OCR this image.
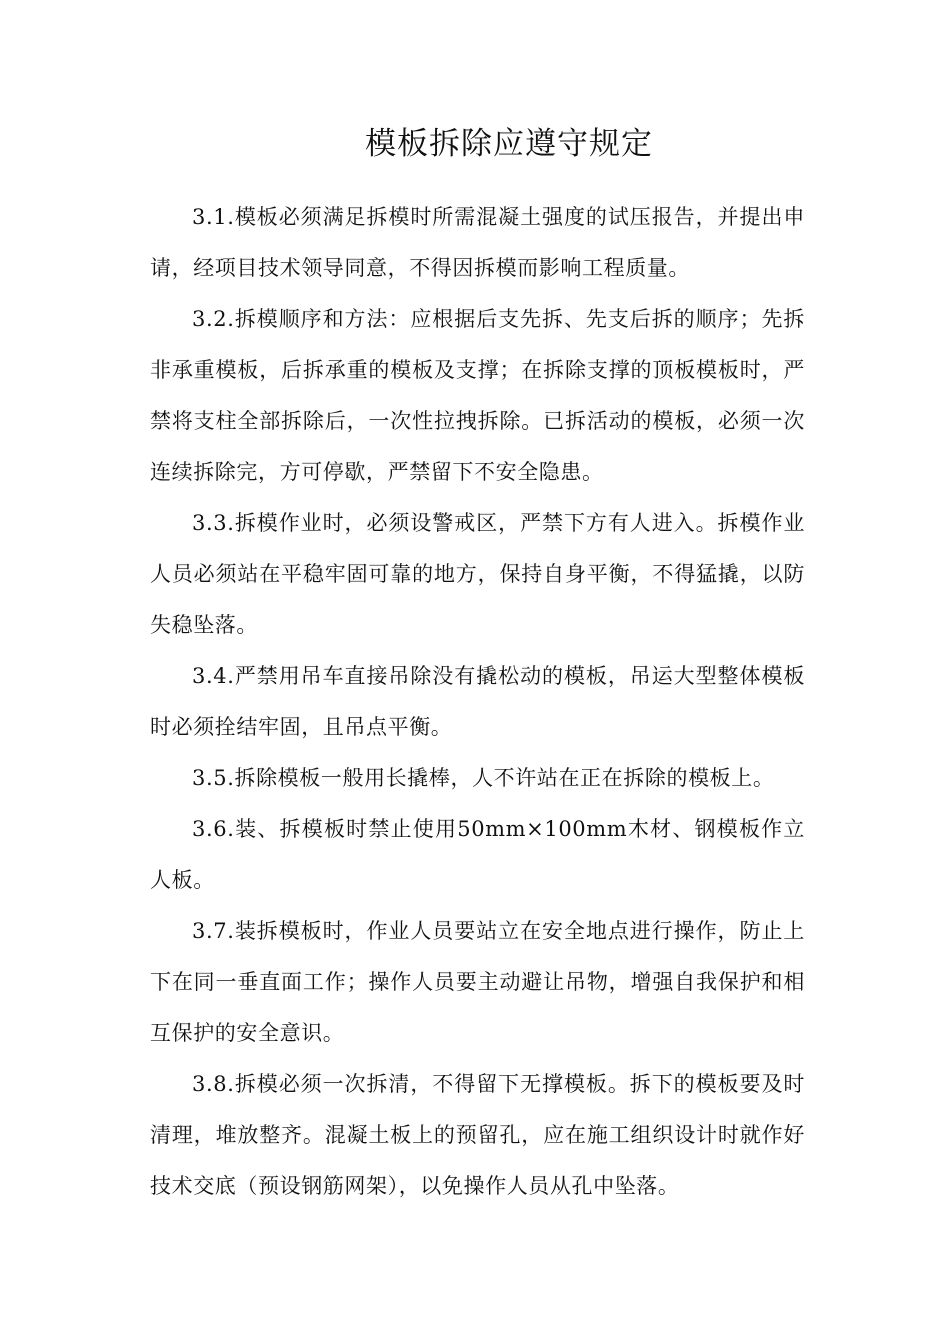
模板拆除应遵守规定

3.1.模板必须满足拆模时所需混凝土强度的试压报告，并提出申请，经项目技术领导同意，不得因拆模而影响工程质量。

3.2.拆模顺序和方法：应根据后支先拆、先支后拆的顺序；先拆非承重模板，后拆承重的模板及支撑；在拆除支撑的顶板模板时，严禁将支柱全部拆除后，一次性拉拽拆除。已拆活动的模板，必须一次连续拆除完，方可停歇，严禁留下不安全隐患。

3.3.拆模作业时，必须设警戒区，严禁下方有人进入。拆模作业人员必须站在平稳牢固可靠的地方，保持自身平衡，不得猛撬，以防失稳坠落。

3.4.严禁用吊车直接吊除没有撬松动的模板，吊运大型整体模板时必须拴结牢固，且吊点平衡。

3.5.拆除模板一般用长撬棒，人不许站在正在拆除的模板上。

3.6.装、拆模板时禁止使用50mm×100mm木材、钢模板作立人板。

3.7.装拆模板时，作业人员要站立在安全地点进行操作，防止上下在同一垂直面工作；操作人员要主动避让吊物，增强自我保护和相互保护的安全意识。

3.8.拆模必须一次拆清，不得留下无撑模板。拆下的模板要及时清理，堆放整齐。混凝土板上的预留孔，应在施工组织设计时就作好技术交底（预设钢筋网架），以免操作人员从孔中坠落。
